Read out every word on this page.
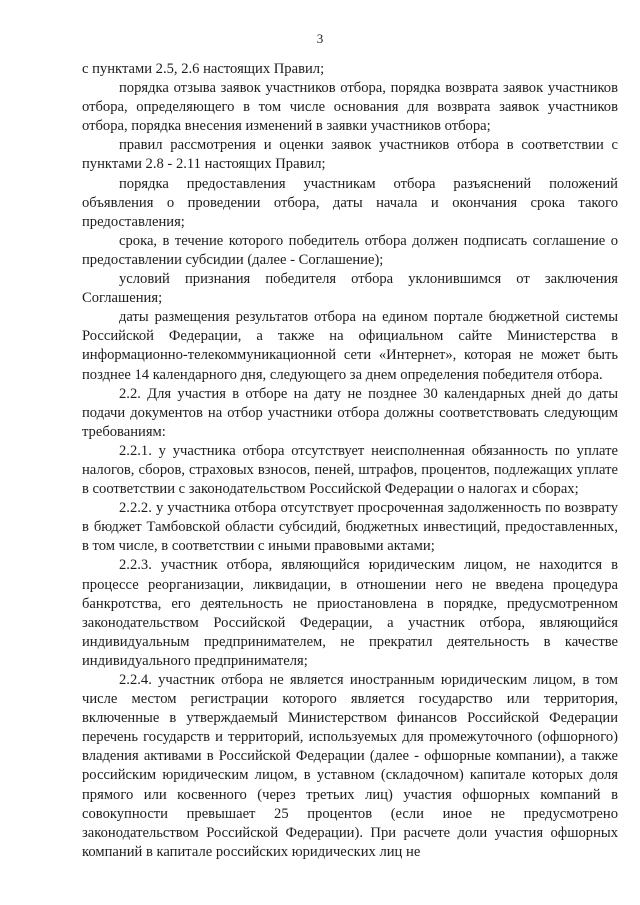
3

с пунктами 2.5, 2.6 настоящих Правил;

порядка отзыва заявок участников отбора, порядка возврата заявок участников отбора, определяющего в том числе основания для возврата заявок участников отбора, порядка внесения изменений в заявки участников отбора;

правил рассмотрения и оценки заявок участников отбора в соответствии с пунктами 2.8 - 2.11 настоящих Правил;

порядка предоставления участникам отбора разъяснений положений объявления о проведении отбора, даты начала и окончания срока такого предоставления;

срока, в течение которого победитель отбора должен подписать соглашение о предоставлении субсидии (далее - Соглашение);

условий признания победителя отбора уклонившимся от заключения Соглашения;

даты размещения результатов отбора на едином портале бюджетной системы Российской Федерации, а также на официальном сайте Министерства в информационно-телекоммуникационной сети «Интернет», которая не может быть позднее 14 календарного дня, следующего за днем определения победителя отбора.

2.2. Для участия в отборе на дату не позднее 30 календарных дней до даты подачи документов на отбор участники отбора должны соответствовать следующим требованиям:

2.2.1. у участника отбора отсутствует неисполненная обязанность по уплате налогов, сборов, страховых взносов, пеней, штрафов, процентов, подлежащих уплате в соответствии с законодательством Российской Федерации о налогах и сборах;

2.2.2. у участника отбора отсутствует просроченная задолженность по возврату в бюджет Тамбовской области субсидий, бюджетных инвестиций, предоставленных, в том числе, в соответствии с иными правовыми актами;

2.2.3. участник отбора, являющийся юридическим лицом, не находится в процессе реорганизации, ликвидации, в отношении него не введена процедура банкротства, его деятельность не приостановлена в порядке, предусмотренном законодательством Российской Федерации, а участник отбора, являющийся индивидуальным предпринимателем, не прекратил деятельность в качестве индивидуального предпринимателя;

2.2.4. участник отбора не является иностранным юридическим лицом, в том числе местом регистрации которого является государство или территория, включенные в утверждаемый Министерством финансов Российской Федерации перечень государств и территорий, используемых для промежуточного (офшорного) владения активами в Российской Федерации (далее - офшорные компании), а также российским юридическим лицом, в уставном (складочном) капитале которых доля прямого или косвенного (через третьих лиц) участия офшорных компаний в совокупности превышает 25 процентов (если иное не предусмотрено законодательством Российской Федерации). При расчете доли участия офшорных компаний в капитале российских юридических лиц не
